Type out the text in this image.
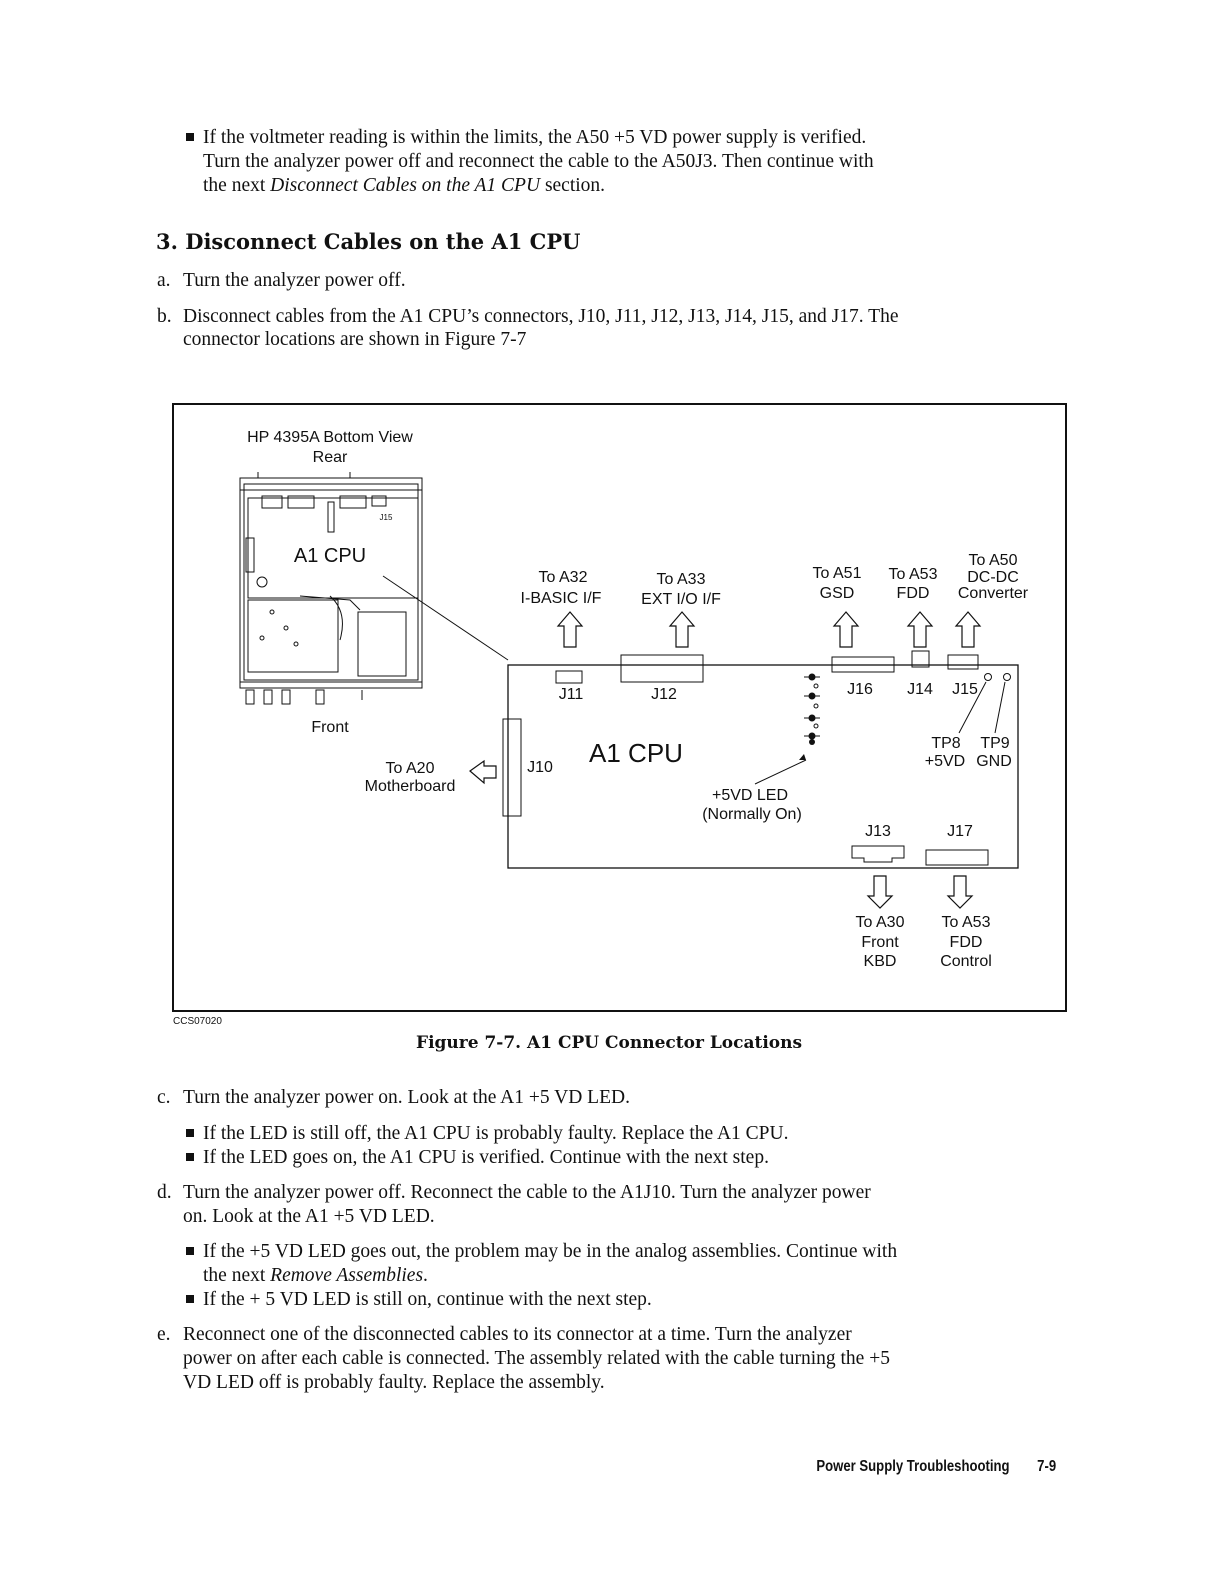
If the voltmeter reading is within the limits, the A50 +5 VD power supply is verified.
Turn the analyzer power off and reconnect the cable to the A50J3. Then continue with
the next Disconnect Cables on the A1 CPU section.
3. Disconnect Cables on the A1 CPU
a. Turn the analyzer power off.
b. Disconnect cables from the A1 CPU’s connectors, J10, J11, J12, J13, J14, J15, and J17. The
connector locations are shown in Figure 7-7
HP 4395A Bottom View
Rear
A1 CPU
J15
Front
A1 CPU
J10
J11	J12	J16 J14 J15
J13	J17
+5VD LED
(Normally On)
TP8 TP9
+5VD GND
To A32
I-BASIC I/F
To A33
EXT I/O I/F
To A51
GSD
To A53
FDD
To A50
DC-DC
Converter
To A20
Motherboard
To A30
Front
KBD
To A53
FDD
Control
CCS07020
Figure 7-7. A1 CPU Connector Locations
c. Turn the analyzer power on. Look at the A1 +5 VD LED.
If the LED is still off, the A1 CPU is probably faulty. Replace the A1 CPU.
If the LED goes on, the A1 CPU is verified. Continue with the next step.
d. Turn the analyzer power off. Reconnect the cable to the A1J10. Turn the analyzer power
on. Look at the A1 +5 VD LED.
If the +5 VD LED goes out, the problem may be in the analog assemblies. Continue with
the next Remove Assemblies.
If the + 5 VD LED is still on, continue with the next step.
e. Reconnect one of the disconnected cables to its connector at a time. Turn the analyzer
power on after each cable is connected. The assembly related with the cable turning the +5
VD LED off is probably faulty. Replace the assembly.
Power Supply Troubleshooting 7-9
